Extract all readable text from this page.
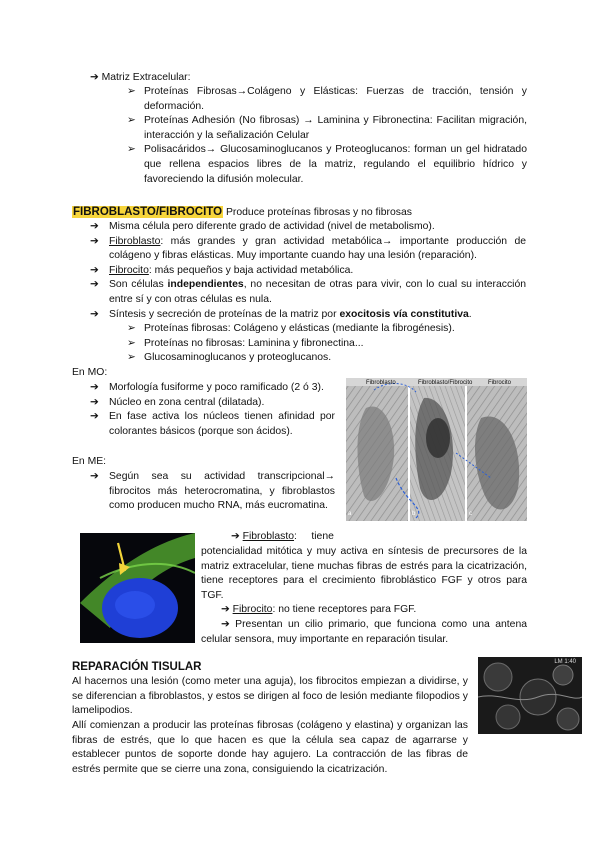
➔ Matriz Extracelular:
➢ Proteínas Fibrosas→Colágeno y Elásticas: Fuerzas de tracción, tensión y deformación.
➢ Proteínas Adhesión (No fibrosas) → Laminina y Fibronectina: Facilitan migración, interacción y la señalización Celular
➢ Polisacáridos→ Glucosaminoglucanos y Proteoglucanos: forman un gel hidratado que rellena espacios libres de la matriz, regulando el equilibrio hídrico y favoreciendo la difusión molecular.
FIBROBLASTO/FIBROCITO Produce proteínas fibrosas y no fibrosas
➔ Misma célula pero diferente grado de actividad (nivel de metabolismo).
➔ Fibroblasto: más grandes y gran actividad metabólica→ importante producción de colágeno y fibras elásticas. Muy importante cuando hay una lesión (reparación).
➔ Fibrocito: más pequeños y baja actividad metabólica.
➔ Son células independientes, no necesitan de otras para vivir, con lo cual su interacción entre sí y con otras células es nula.
➔ Síntesis y secreción de proteínas de la matriz por exocitosis vía constitutiva.
➢ Proteínas fibrosas: Colágeno y elásticas (mediante la fibrogénesis).
➢ Proteínas no fibrosas: Laminina y fibronectina...
➢ Glucosaminoglucanos y proteoglucanos.
En MO:
➔ Morfología fusiforme y poco ramificado (2 ó 3).
➔ Núcleo en zona central (dilatada).
➔ En fase activa los núcleos tienen afinidad por colorantes básicos (porque son ácidos).
En ME:
➔ Según sea su actividad transcripcional→ fibrocitos más heterocromatina, y fibroblastos como producen mucho RNA, más eucromatina.
Fibroblasto	Fibroblasto/Fibrocito	Fibrocito
a	b	c
➔ Fibroblasto:     tiene
potencialidad mitótica y muy activa en síntesis de precursores de la matriz extracelular, tiene muchas fibras de estrés para la cicatrización, tiene receptores para el crecimiento fibroblástico FGF y otros para TGF.
➔ Fibrocito: no tiene receptores para FGF.
➔ Presentan un cilio primario, que funciona como una antena celular sensora, muy importante en reparación tisular.
REPARACIÓN TISULAR
Al hacernos una lesión (como meter una aguja), los fibrocitos empiezan a dividirse, y se diferencian a fibroblastos, y estos se dirigen al foco de lesión mediante filopodios y lamelipodios.
Allí comienzan a producir las proteínas fibrosas (colágeno y elastina) y organizan las fibras de estrés, que lo que hacen es que la célula sea capaz de agarrarse y establecer puntos de soporte donde hay agujero. La contracción de las fibras de estrés permite que se cierre una zona, consiguiendo la cicatrización.
LM 1:40
